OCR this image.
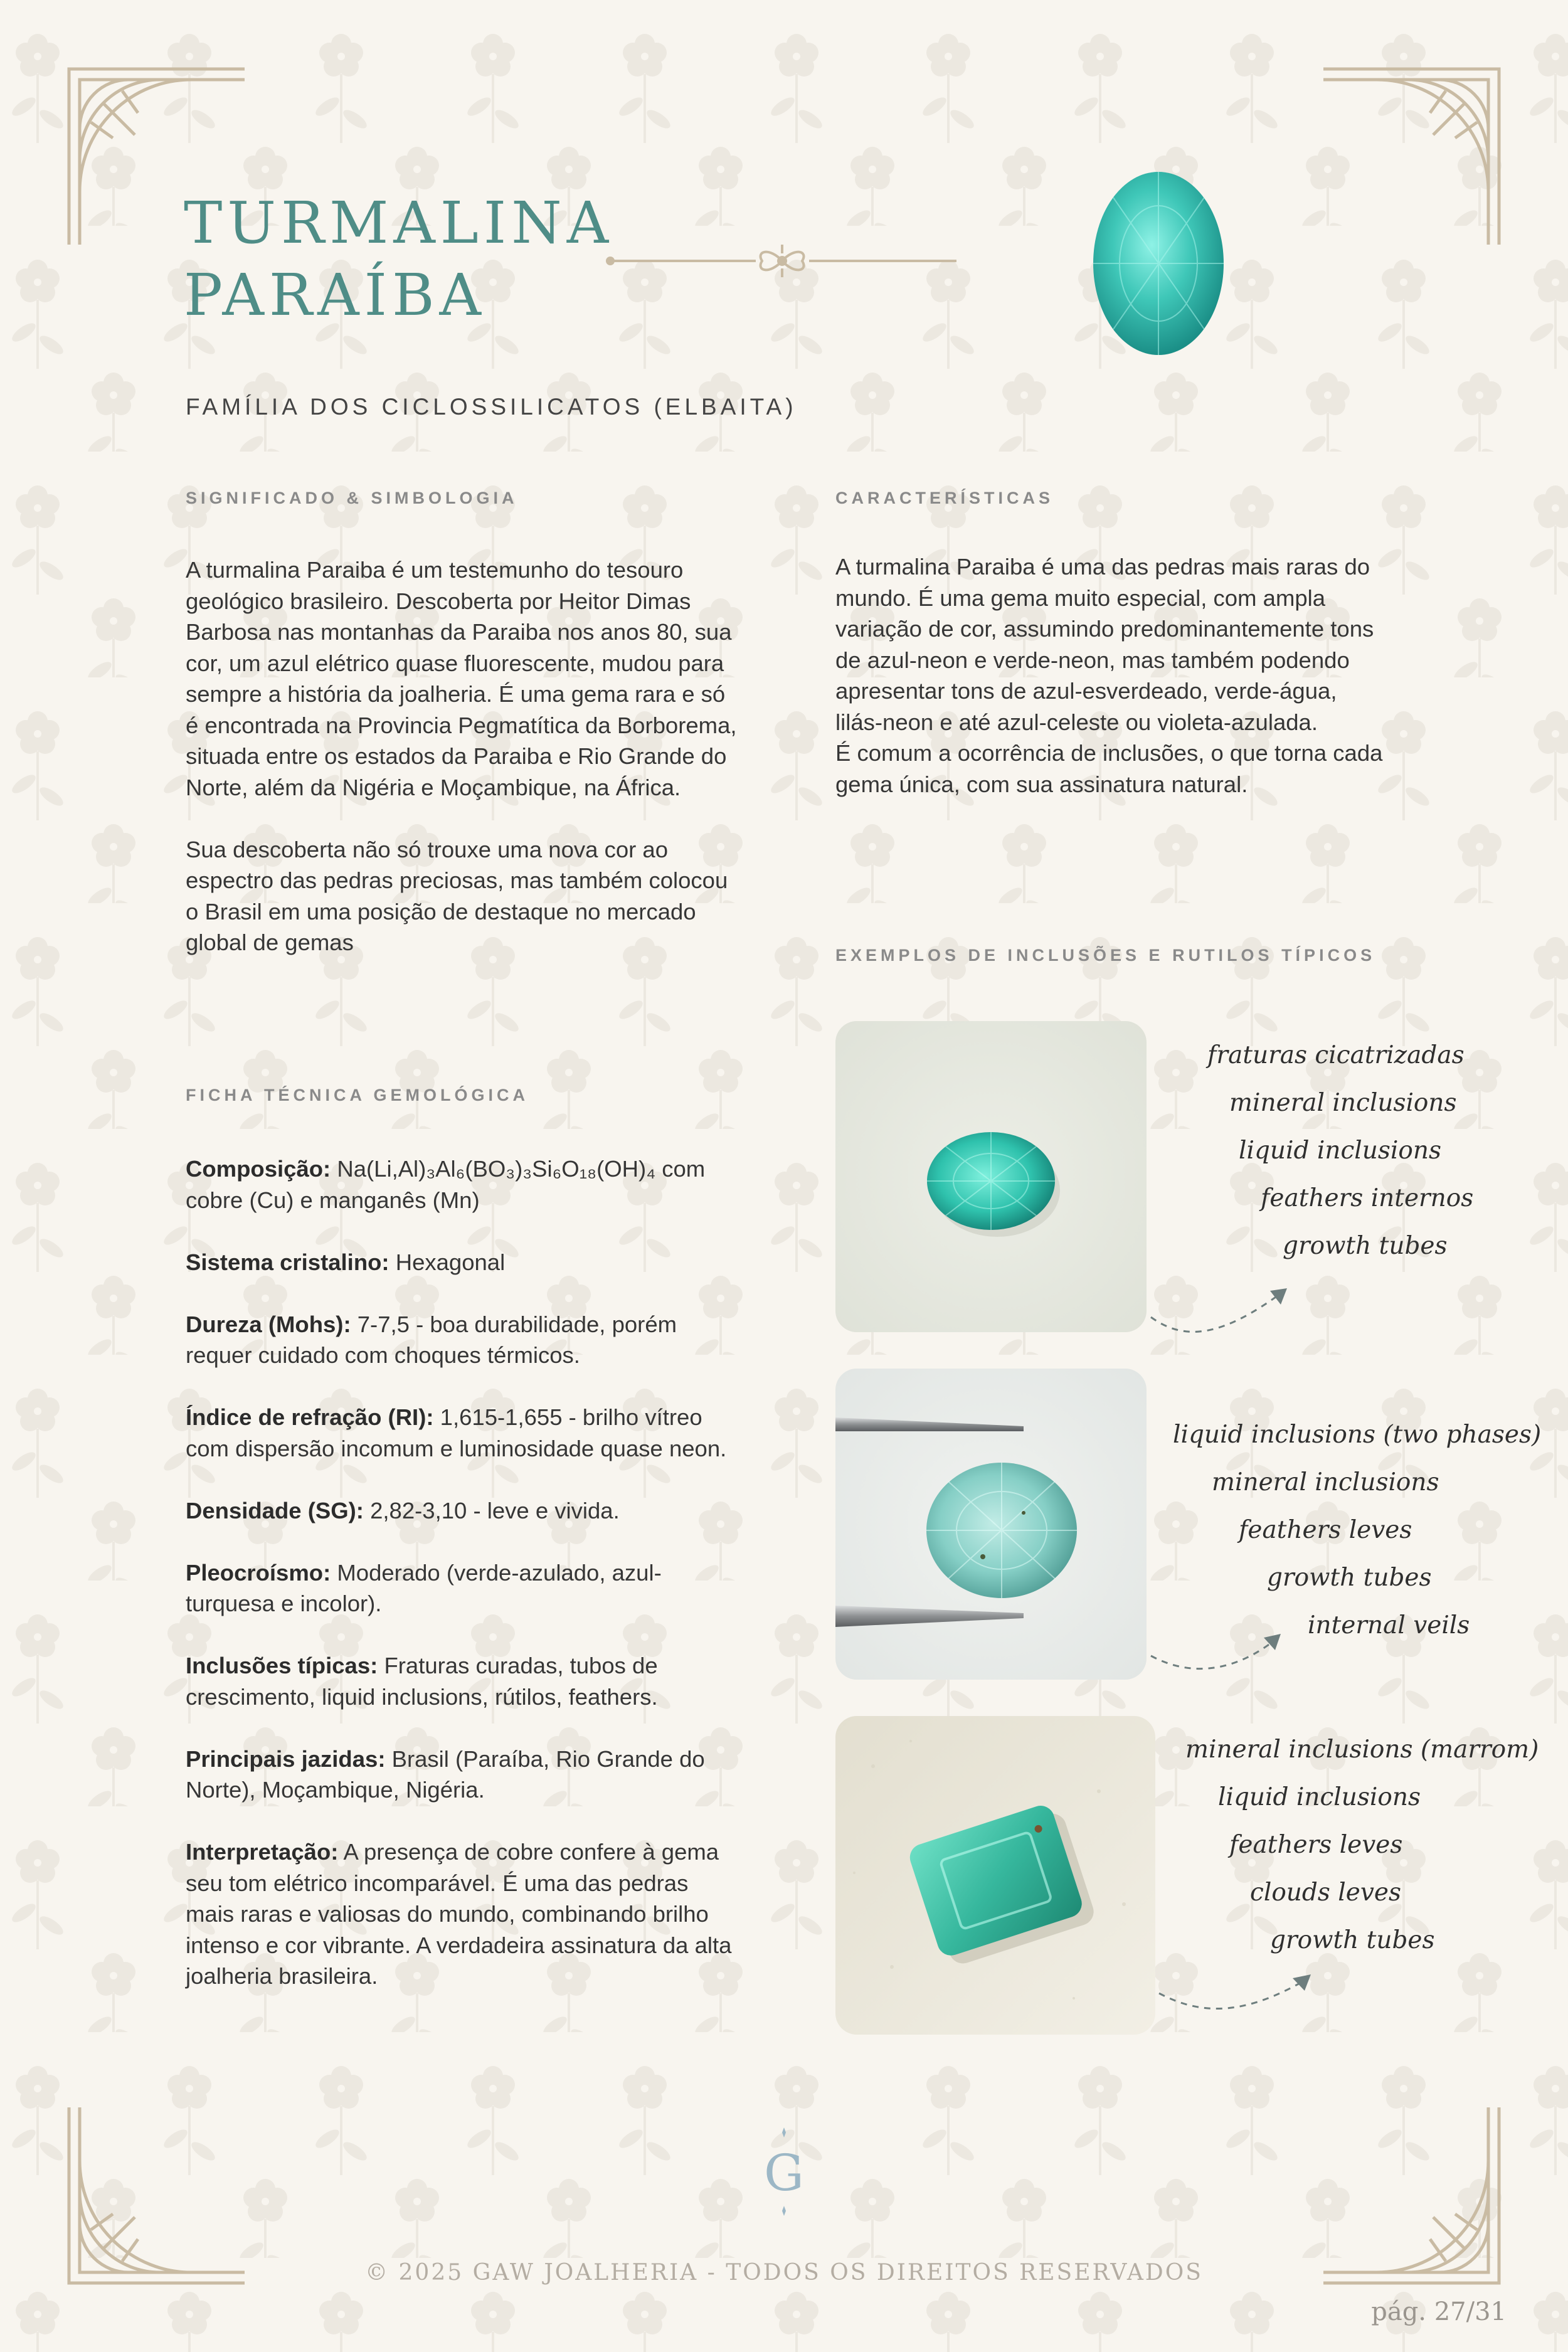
TURMALINA
PARAÍBA
FAMÍLIA DOS CICLOSSILICATOS (ELBAITA)
SIGNIFICADO & SIMBOLOGIA

A turmalina Paraiba é um testemunho do tesouro geológico brasileiro. Descoberta por Heitor Dimas Barbosa nas montanhas da Paraiba nos anos 80, sua cor, um azul elétrico quase fluorescente, mudou para sempre a história da joalheria. É uma gema rara e só é encontrada na Provincia Pegmatítica da Borborema, situada entre os estados da Paraiba e Rio Grande do Norte, além da Nigéria e Moçambique, na África.

Sua descoberta não só trouxe uma nova cor ao espectro das pedras preciosas, mas também colocou o Brasil em uma posição de destaque no mercado global de gemas

FICHA TÉCNICA GEMOLÓGICA
Composição: Na(Li,Al)₃Al₆(BO₃)₃Si₆O₁₈(OH)₄ com cobre (Cu) e manganês (Mn)
Sistema cristalino: Hexagonal
Dureza (Mohs): 7-7,5 - boa durabilidade, porém requer cuidado com choques térmicos.
Índice de refração (RI): 1,615-1,655 - brilho vítreo com dispersão incomum e luminosidade quase neon.
Densidade (SG): 2,82-3,10 - leve e vivida.
Pleocroísmo: Moderado (verde-azulado, azul-turquesa e incolor).
Inclusões típicas: Fraturas curadas, tubos de crescimento, liquid inclusions, rútilos, feathers.
Principais jazidas: Brasil (Paraíba, Rio Grande do Norte), Moçambique, Nigéria.
Interpretação: A presença de cobre confere à gema seu tom elétrico incomparável. É uma das pedras mais raras e valiosas do mundo, combinando brilho intenso e cor vibrante. A verdadeira assinatura da alta joalheria brasileira.
CARACTERÍSTICAS
A turmalina Paraiba é uma das pedras mais raras do mundo. É uma gema muito especial, com ampla variação de cor, assumindo predominantemente tons de azul-neon e verde-neon, mas também podendo apresentar tons de azul-esverdeado, verde-água, lilás-neon e até azul-celeste ou violeta-azulada.
É comum a ocorrência de inclusões, o que torna cada gema única, com sua assinatura natural.
EXEMPLOS DE INCLUSÕES E RUTILOS TÍPICOS
fraturas cicatrizadas
mineral inclusions
liquid inclusions
feathers internos
growth tubes
liquid inclusions (two phases)
mineral inclusions
feathers leves
growth tubes
internal veils
mineral inclusions (marrom)
liquid inclusions
feathers leves
clouds leves
growth tubes
G
© 2025 GAW JOALHERIA - TODOS OS DIREITOS RESERVADOS
pág. 27/31
